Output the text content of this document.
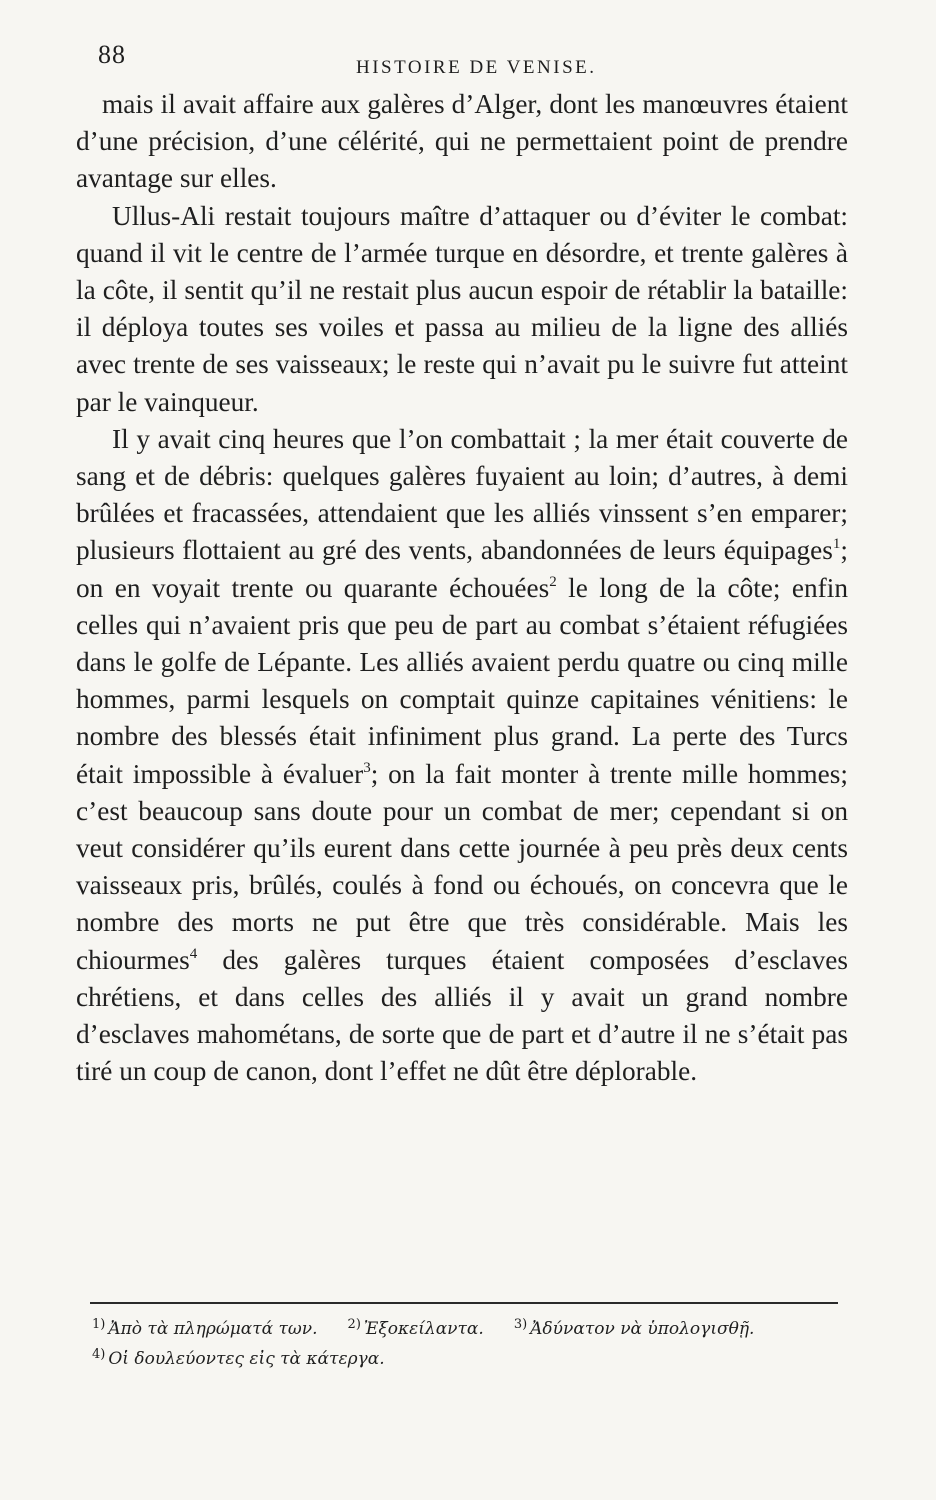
88	HISTOIRE DE VENISE.

mais il avait affaire aux galères d’Alger, dont les manœuvres étaient d’une précision, d’une célérité, qui ne permettaient point de prendre avantage sur elles.

Ullus-Ali restait toujours maître d’attaquer ou d’éviter le combat: quand il vit le centre de l’armée turque en désordre, et trente galères à la côte, il sentit qu’il ne restait plus aucun espoir de rétablir la bataille: il déploya toutes ses voiles et passa au milieu de la ligne des alliés avec trente de ses vaisseaux; le reste qui n’avait pu le suivre fut atteint par le vainqueur.

Il y avait cinq heures que l’on combattait ; la mer était couverte de sang et de débris: quelques galères fuyaient au loin; d’autres, à demi brûlées et fracassées, attendaient que les alliés vinssent s’en emparer; plusieurs flottaient au gré des vents, abandonnées de leurs équipages$^1$; on en voyait trente ou quarante échouées$^2$ le long de la côte; enfin celles qui n’avaient pris que peu de part au combat s’étaient réfugiées dans le golfe de Lépante. Les alliés avaient perdu quatre ou cinq mille hommes, parmi lesquels on comptait quinze capitaines vénitiens: le nombre des blessés était infiniment plus grand. La perte des Turcs était impossible à évaluer$^3$; on la fait monter à trente mille hommes; c’est beaucoup sans doute pour un combat de mer; cependant si on veut considérer qu’ils eurent dans cette journée à peu près deux cents vaisseaux pris, brûlés, coulés à fond ou échoués, on concevra que le nombre des morts ne put être que très considérable. Mais les chiourmes$^4$ des galères turques étaient composées d’esclaves chrétiens, et dans celles des alliés il y avait un grand nombre d’esclaves mahométans, de sorte que de part et d’autre il ne s’était pas tiré un coup de canon, dont l’effet ne dût être déplorable.

$^{1)}$ Ἀπὸ τὰ πληρώματά των. $^{2)}$ Ἐξοκείλαντα. $^{3)}$ Ἀδύνατον νὰ ὑπολογισθῇ.
$^{4)}$ Οἱ δουλεύοντες εἰς τὰ κάτεργα.
